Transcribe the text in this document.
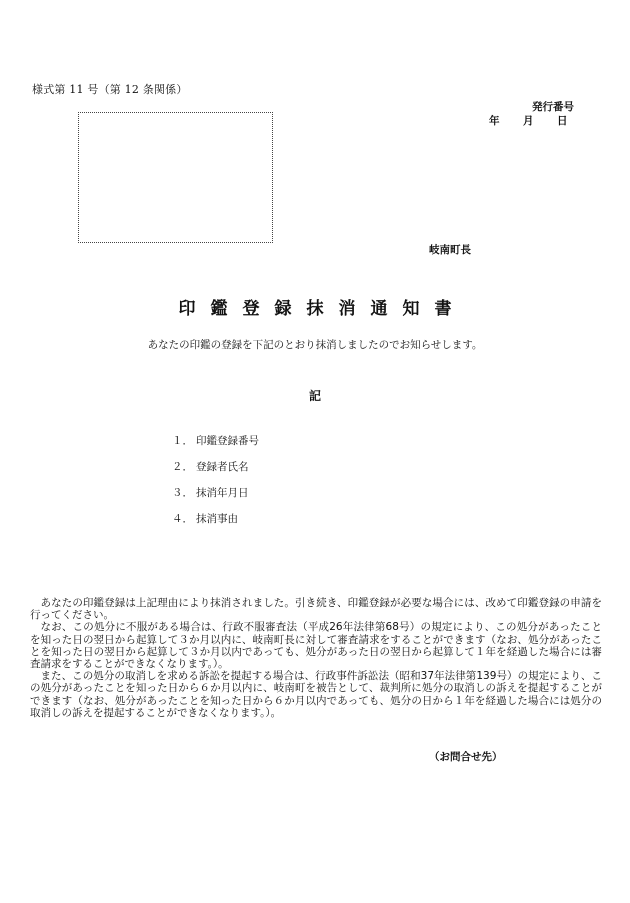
様式第 11 号（第 12 条関係）
発行番号
年 月 日
岐南町長
印鑑登録抹消通知書
あなたの印鑑の登録を下記のとおり抹消しましたのでお知らせします。
記
１． 印鑑登録番号
２． 登録者氏名
３． 抹消年月日
４． 抹消事由

あなたの印鑑登録は上記理由により抹消されました。引き続き、印鑑登録が必要な場合には、改めて印鑑登録の申請を行ってください。

なお、この処分に不服がある場合は、行政不服審査法（平成26年法律第68号）の規定により、この処分があったことを知った日の翌日から起算して３か月以内に、岐南町長に対して審査請求をすることができます（なお、処分があったことを知った日の翌日から起算して３か月以内であっても、処分があった日の翌日から起算して１年を経過した場合には審査請求をすることができなくなります。）。

また、この処分の取消しを求める訴訟を提起する場合は、行政事件訴訟法（昭和37年法律第139号）の規定により、この処分があったことを知った日から６か月以内に、岐南町を被告として、裁判所に処分の取消しの訴えを提起することができます（なお、処分があったことを知った日から６か月以内であっても、処分の日から１年を経過した場合には処分の取消しの訴えを提起することができなくなります。）。

（お問合せ先）
